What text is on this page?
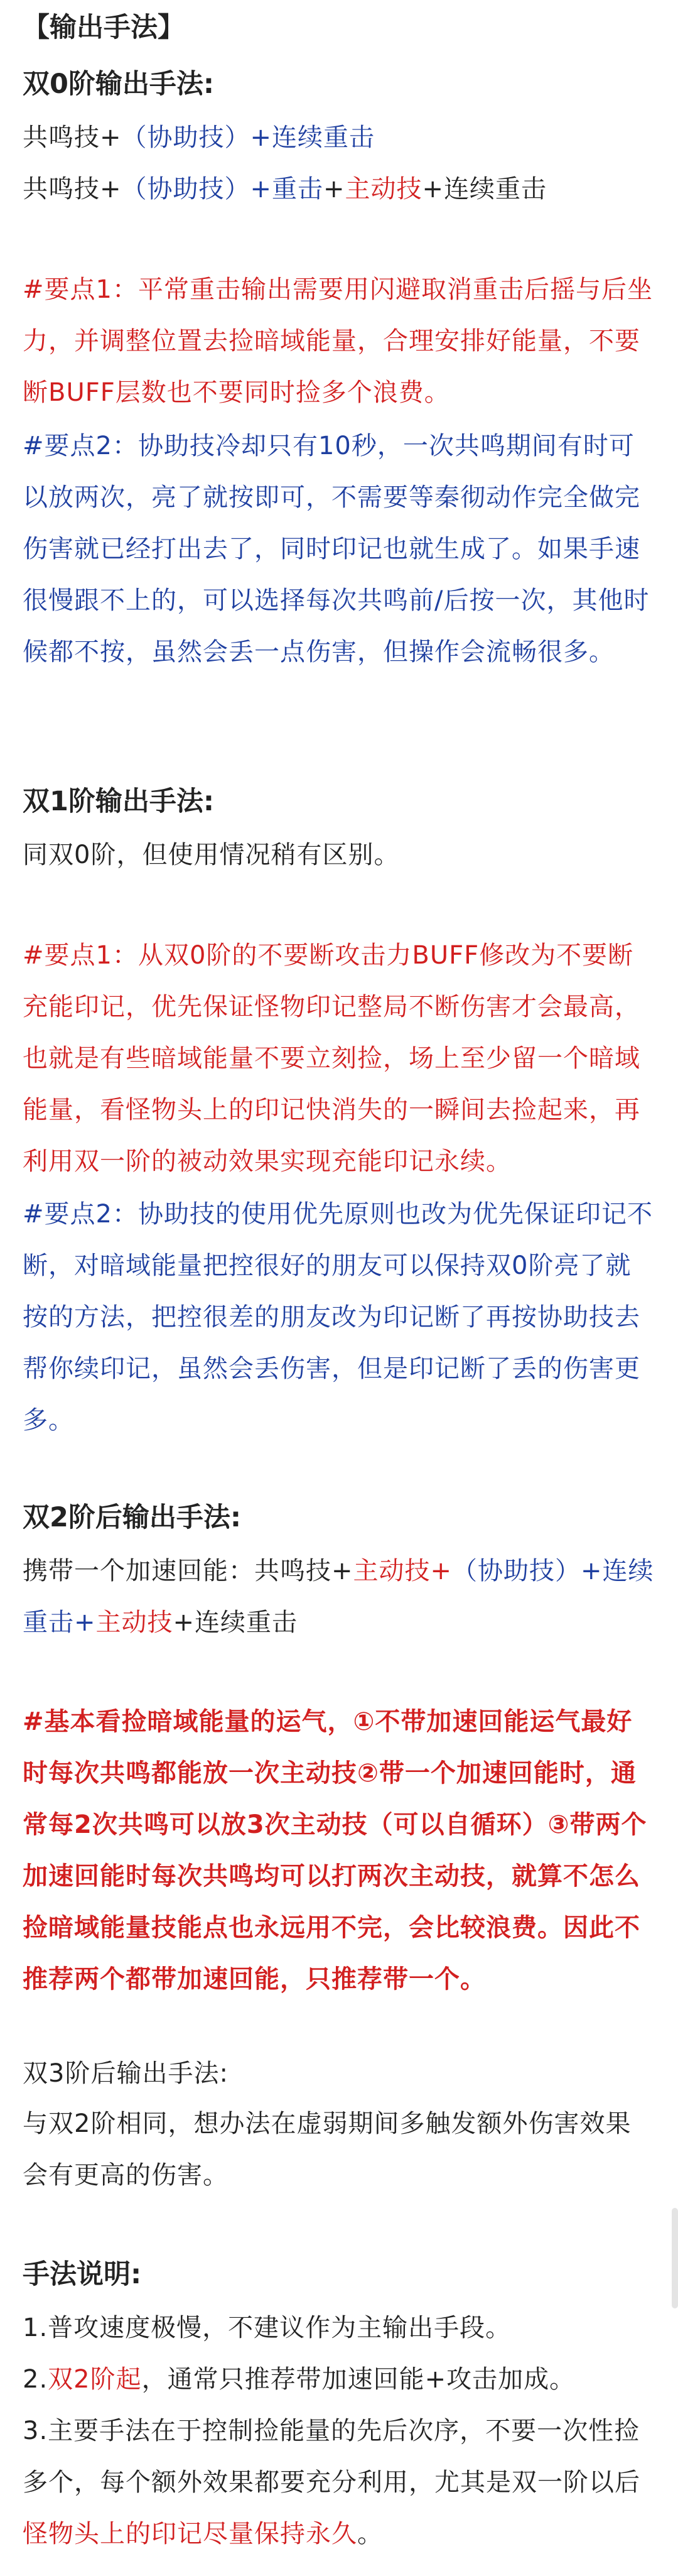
【输出手法】
双0阶输出手法:
共鸣技+（协助技）+连续重击
共鸣技+（协助技）+重击+主动技+连续重击
#要点1：平常重击输出需要用闪避取消重击后摇与后坐力，并调整位置去捡暗域能量，合理安排好能量，不要断BUFF层数也不要同时捡多个浪费。
#要点2：协助技冷却只有10秒，一次共鸣期间有时可以放两次，亮了就按即可，不需要等秦彻动作完全做完伤害就已经打出去了，同时印记也就生成了。如果手速很慢跟不上的，可以选择每次共鸣前/后按一次，其他时候都不按，虽然会丢一点伤害，但操作会流畅很多。
双1阶输出手法:
同双0阶，但使用情况稍有区别。
#要点1：从双0阶的不要断攻击力BUFF修改为不要断充能印记，优先保证怪物印记整局不断伤害才会最高，也就是有些暗域能量不要立刻捡，场上至少留一个暗域能量，看怪物头上的印记快消失的一瞬间去捡起来，再利用双一阶的被动效果实现充能印记永续。
#要点2：协助技的使用优先原则也改为优先保证印记不断，对暗域能量把控很好的朋友可以保持双0阶亮了就按的方法，把控很差的朋友改为印记断了再按协助技去帮你续印记，虽然会丢伤害，但是印记断了丢的伤害更多。
双2阶后输出手法:
携带一个加速回能：共鸣技+主动技+（协助技）+连续重击+主动技+连续重击
#基本看捡暗域能量的运气，①不带加速回能运气最好时每次共鸣都能放一次主动技②带一个加速回能时，通常每2次共鸣可以放3次主动技（可以自循环）③带两个加速回能时每次共鸣均可以打两次主动技，就算不怎么捡暗域能量技能点也永远用不完，会比较浪费。因此不推荐两个都带加速回能，只推荐带一个。
双3阶后输出手法:
与双2阶相同，想办法在虚弱期间多触发额外伤害效果会有更高的伤害。
手法说明:
1.普攻速度极慢，不建议作为主输出手段。
2.双2阶起，通常只推荐带加速回能+攻击加成。
3.主要手法在于控制捡能量的先后次序，不要一次性捡多个，每个额外效果都要充分利用，尤其是双一阶以后怪物头上的印记尽量保持永久。
